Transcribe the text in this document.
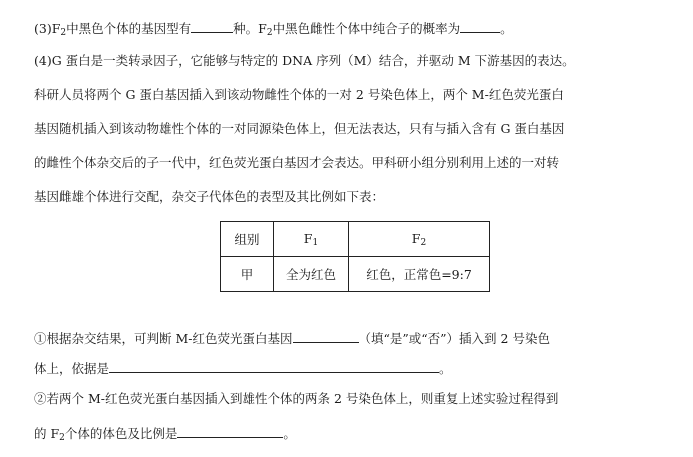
$(3)F_2$中黑色个体的基因型有	种。$F_2$中黑色雌性个体中纯合子的概率为	。
(4)G 蛋白是一类转录因子，它能够与特定的 DNA 序列（M）结合，并驱动 M 下游基因的表达。
科研人员将两个 G 蛋白基因插入到该动物雌性个体的一对 2 号染色体上，两个 M-红色荧光蛋白
基因随机插入到该动物雄性个体的一对同源染色体上，但无法表达，只有与插入含有 G 蛋白基因
的雌性个体杂交后的子一代中，红色荧光蛋白基因才会表达。甲科研小组分别利用上述的一对转
基因雌雄个体进行交配，杂交子代体色的表型及其比例如下表：
组别	$F_1$	$F_2$
甲	全为红色	红色，正常色=9:7
①根据杂交结果，可判断 M-红色荧光蛋白基因	（填“是”或“否”）插入到 2 号染色
体上，依据是	。
②若两个 M-红色荧光蛋白基因插入到雄性个体的两条 2 号染色体上，则重复上述实验过程得到
的 $F_2$个体的体色及比例是	。
